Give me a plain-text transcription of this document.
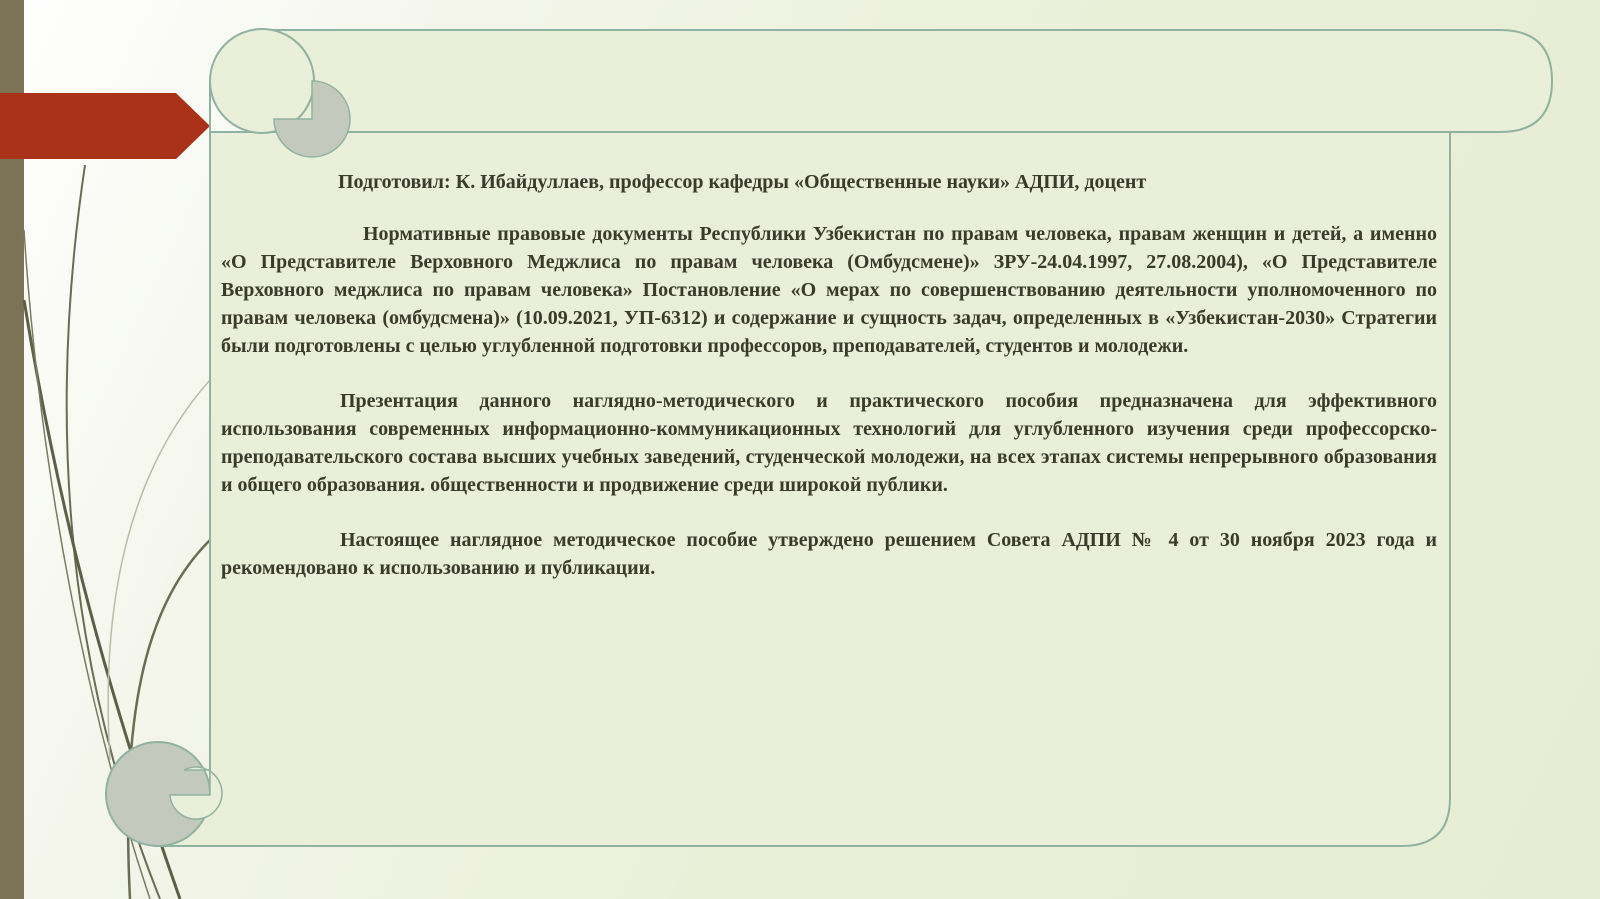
Подготовил: К. Ибайдуллаев, профессор кафедры «Общественные науки» АДПИ, доцент

Нормативные правовые документы Республики Узбекистан по правам человека, правам женщин и детей, а именно «О Представителе Верховного Меджлиса по правам человека (Омбудсмене)» ЗРУ-24.04.1997, 27.08.2004), «О Представителе Верховного меджлиса по правам человека» Постановление «О мерах по совершенствованию деятельности уполномоченного по правам человека (омбудсмена)» (10.09.2021, УП-6312) и содержание и сущность задач, определенных в «Узбекистан-2030» Стратегии были подготовлены с целью углубленной подготовки профессоров, преподавателей, студентов и молодежи.

Презентация данного наглядно-методического и практического пособия предназначена для эффективного использования современных информационно-коммуникационных технологий для углубленного изучения среди профессорско-преподавательского состава высших учебных заведений, студенческой молодежи, на всех этапах системы непрерывного образования и общего образования. общественности и продвижение среди широкой публики.

Настоящее наглядное методическое пособие утверждено решением Совета АДПИ № 4 от 30 ноября 2023 года и рекомендовано к использованию и публикации.
